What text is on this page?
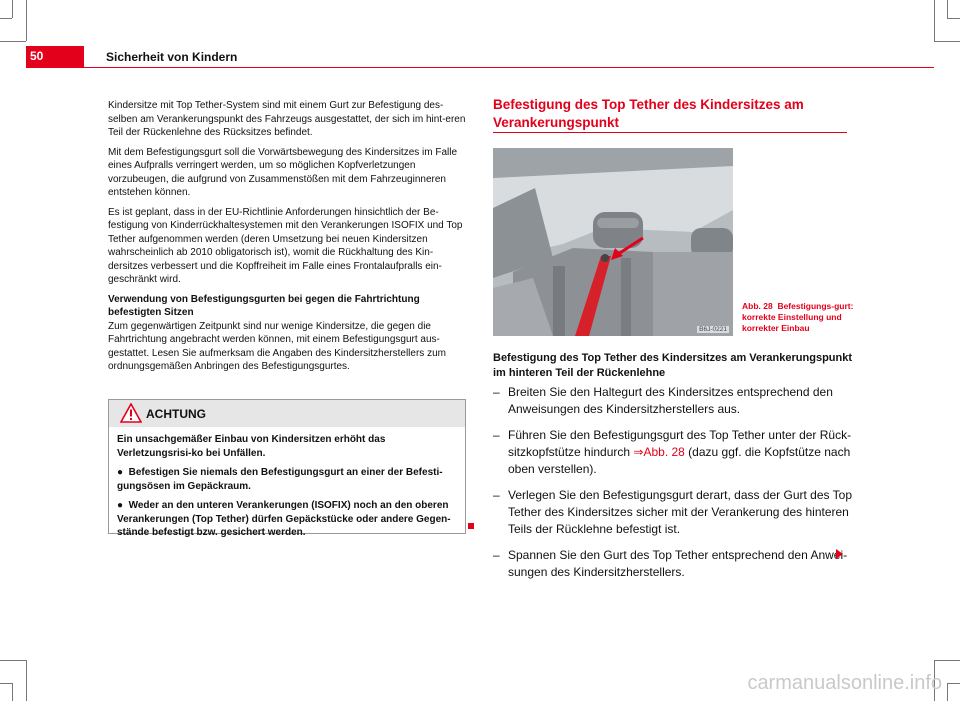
50	Sicherheit von Kindern

Kindersitze mit Top Tether-System sind mit einem Gurt zur Befestigung des-selben am Verankerungspunkt des Fahrzeugs ausgestattet, der sich im hint-eren Teil der Rückenlehne des Rücksitzes befindet.

Mit dem Befestigungsgurt soll die Vorwärtsbewegung des Kindersitzes im Falle eines Aufpralls verringert werden, um so möglichen Kopfverletzungen vorzubeugen, die aufgrund von Zusammenstößen mit dem Fahrzeuginneren entstehen können.

Es ist geplant, dass in der EU-Richtlinie Anforderungen hinsichtlich der Be-festigung von Kinderrückhaltesystemen mit den Verankerungen ISOFIX und Top Tether aufgenommen werden (deren Umsetzung bei neuen Kindersitzen wahrscheinlich ab 2010 obligatorisch ist), womit die Rückhaltung des Kin-dersitzes verbessert und die Kopffreiheit im Falle eines Frontalaufpralls ein-geschränkt wird.

Verwendung von Befestigungsgurten bei gegen die Fahrtrichtung befestigten Sitzen

Zum gegenwärtigen Zeitpunkt sind nur wenige Kindersitze, die gegen die Fahrtrichtung angebracht werden können, mit einem Befestigungsgurt aus-gestattet. Lesen Sie aufmerksam die Angaben des Kindersitzherstellers zum ordnungsgemäßen Anbringen des Befestigungsgurtes.

ACHTUNG

Ein unsachgemäßer Einbau von Kindersitzen erhöht das Verletzungsrisi-ko bei Unfällen.

●  Befestigen Sie niemals den Befestigungsgurt an einer der Befesti-gungsösen im Gepäckraum.

●  Weder an den unteren Verankerungen (ISOFIX) noch an den oberen Verankerungen (Top Tether) dürfen Gepäckstücke oder andere Gegen-stände befestigt bzw. gesichert werden.

Befestigung des Top Tether des Kindersitzes am Verankerungspunkt
B6J-0221
Abb. 28 Befestigungs-gurt: korrekte Einstellung und korrekter Einbau
Befestigung des Top Tether des Kindersitzes am Verankerungspunkt im hinteren Teil der Rückenlehne
– Breiten Sie den Haltegurt des Kindersitzes entsprechend den Anweisungen des Kindersitzherstellers aus.
– Führen Sie den Befestigungsgurt des Top Tether unter der Rück-sitzkopfstütze hindurch ⇒Abb. 28 (dazu ggf. die Kopfstütze nach oben verstellen).
– Verlegen Sie den Befestigungsgurt derart, dass der Gurt des Top Tether des Kindersitzes sicher mit der Verankerung des hinteren Teils der Rücklehne befestigt ist.
– Spannen Sie den Gurt des Top Tether entsprechend den Anwei-sungen des Kindersitzherstellers.
carmanualsonline.info
